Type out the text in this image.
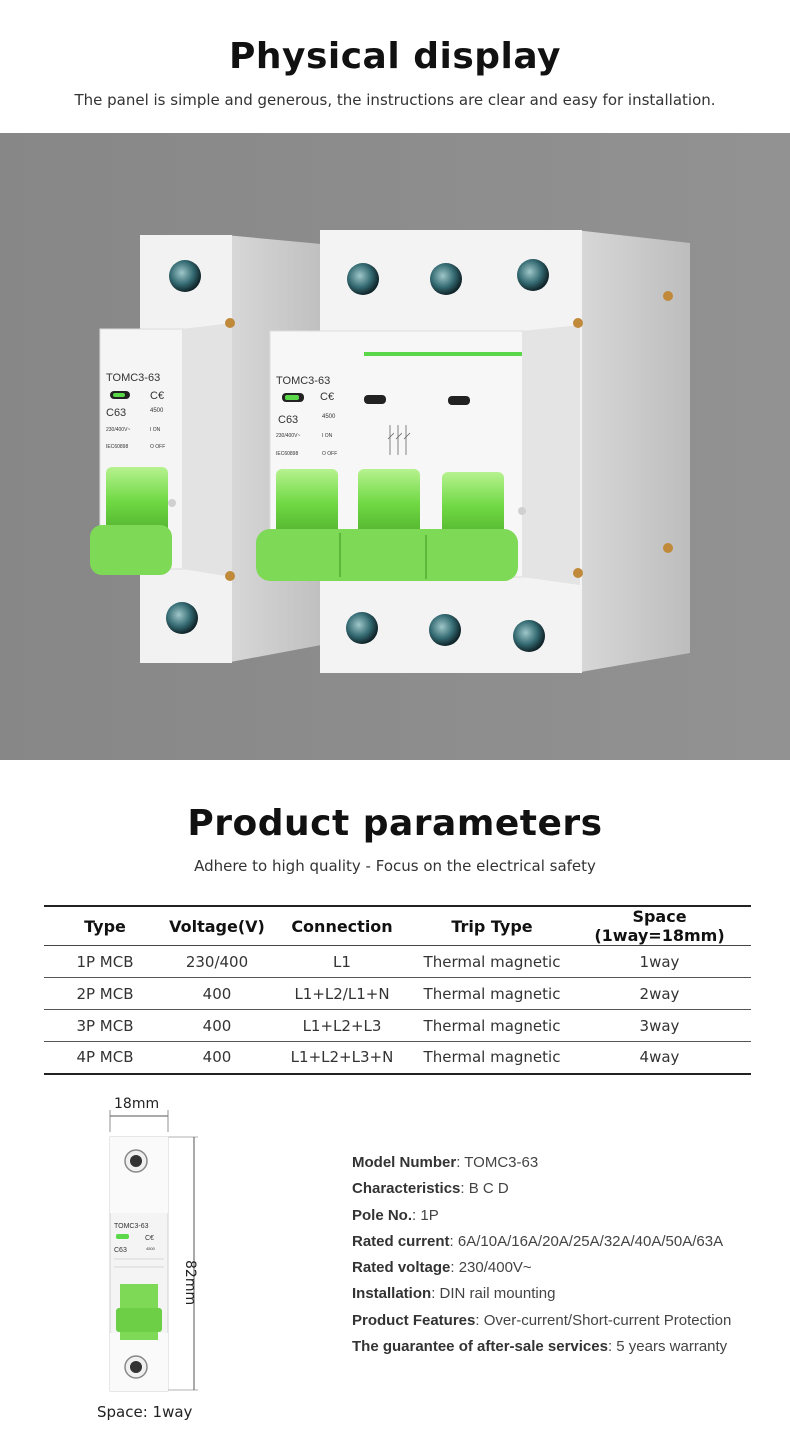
Physical display
The panel is simple and generous, the instructions are clear and easy for installation.
TOMC3-63
C€
C63	4500
230/400V~	I ON
IEC60898	O OFF
TOMC3-63
C€
C63	4500
230/400V~	I ON
IEC60898	O OFF
Product parameters
Adhere to high quality - Focus on the electrical safety
Type	Voltage(V)	Connection	Trip Type	Space (1way=18mm)
1P MCB	230/400	L1	Thermal magnetic	1way
2P MCB	400	L1+L2/L1+N	Thermal magnetic	2way
3P MCB	400	L1+L2+L3	Thermal magnetic	3way
4P MCB	400	L1+L2+L3+N	Thermal magnetic	4way
18mm
TOMC3-63
C€
C63	4500
82mm
Space: 1way
Model Number: TOMC3-63
Characteristics: B C D
Pole No.: 1P
Rated current: 6A/10A/16A/20A/25A/32A/40A/50A/63A
Rated voltage: 230/400V~
Installation: DIN rail mounting
Product Features: Over-current/Short-current Protection
The guarantee of after-sale services: 5 years warranty
